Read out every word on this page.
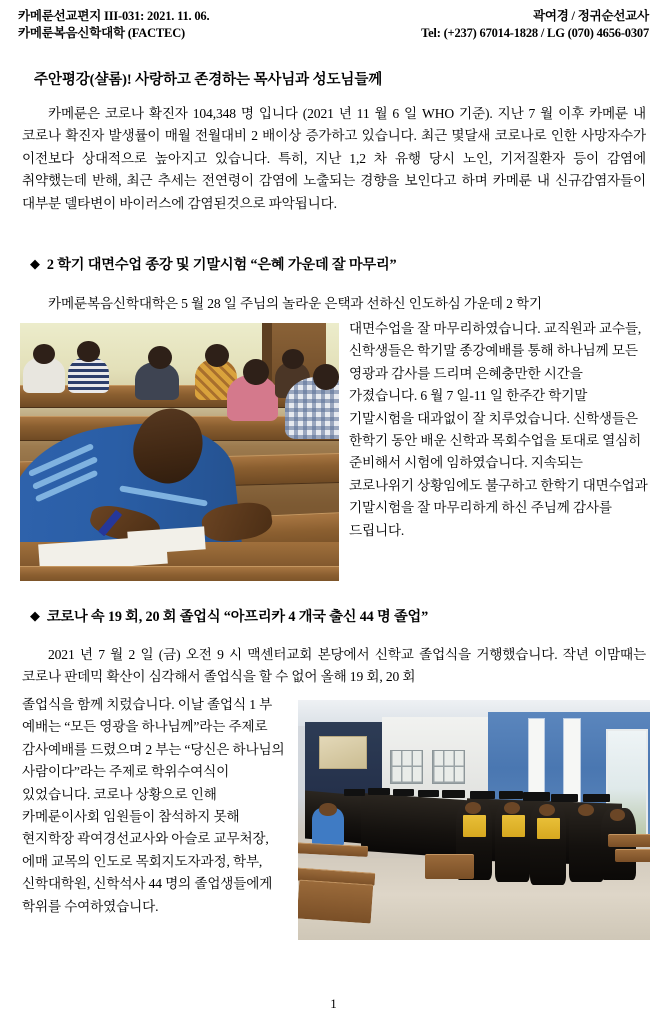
카메룬선교편지 III-031: 2021. 11. 06.
카메룬복음신학대학 (FACTEC)
곽여경 / 정귀순선교사
Tel: (+237) 67014-1828 / LG (070) 4656-0307
주안평강(샬롬)! 사랑하고 존경하는 목사님과 성도님들께
카메룬은 코로나 확진자 104,348 명 입니다 (2021 년 11 월 6 일 WHO 기준). 지난 7 월 이후 카메룬 내 코로나 확진자 발생률이 매월 전월대비 2 배이상 증가하고 있습니다. 최근 몇달새 코로나로 인한 사망자수가 이전보다 상대적으로 높아지고 있습니다. 특히, 지난 1,2 차 유행 당시 노인, 기저질환자 등이 감염에 취약했는데 반해, 최근 추세는 전연령이 감염에 노출되는 경향을 보인다고 하며 카메룬 내 신규감염자들이 대부분 델타변이 바이러스에 감염된것으로 파악됩니다.
◆ 2 학기 대면수업 종강 및 기말시험 “은혜 가운데 잘 마무리”
카메룬복음신학대학은 5 월 28 일 주님의 놀라운 은택과 선하신 인도하심 가운데 2 학기
대면수업을 잘 마무리하였습니다. 교직원과 교수들, 신학생들은 학기말 종강예배를 통해 하나님께 모든 영광과 감사를 드리며 은혜충만한 시간을 가졌습니다. 6 월 7 일-11 일 한주간 학기말 기말시험을 대과없이 잘 치루었습니다. 신학생들은 한학기 동안 배운 신학과 목회수업을 토대로 열심히 준비해서 시험에 임하였습니다. 지속되는 코로나위기 상황임에도 불구하고 한학기 대면수업과 기말시험을 잘 마무리하게 하신 주님께 감사를 드립니다.
◆ 코로나 속 19 회, 20 회 졸업식 “아프리카 4 개국 출신 44 명 졸업”
2021 년 7 월 2 일 (금) 오전 9 시 맥센터교회 본당에서 신학교 졸업식을 거행했습니다. 작년 이맘때는 코로나 판데믹 확산이 심각해서 졸업식을 할 수 없어 올해 19 회, 20 회
졸업식을 함께 치렀습니다. 이날 졸업식 1 부 예배는 “모든 영광을 하나님께”라는 주제로 감사예배를 드렸으며 2 부는 “당신은 하나님의 사람이다”라는 주제로 학위수여식이 있었습니다. 코로나 상황으로 인해 카메룬이사회 임원들이 참석하지 못해 현지학장 곽여경선교사와 아슬로 교무처장, 에매 교목의 인도로 목회지도자과정, 학부, 신학대학원, 신학석사 44 명의 졸업생들에게 학위를 수여하였습니다.
1
